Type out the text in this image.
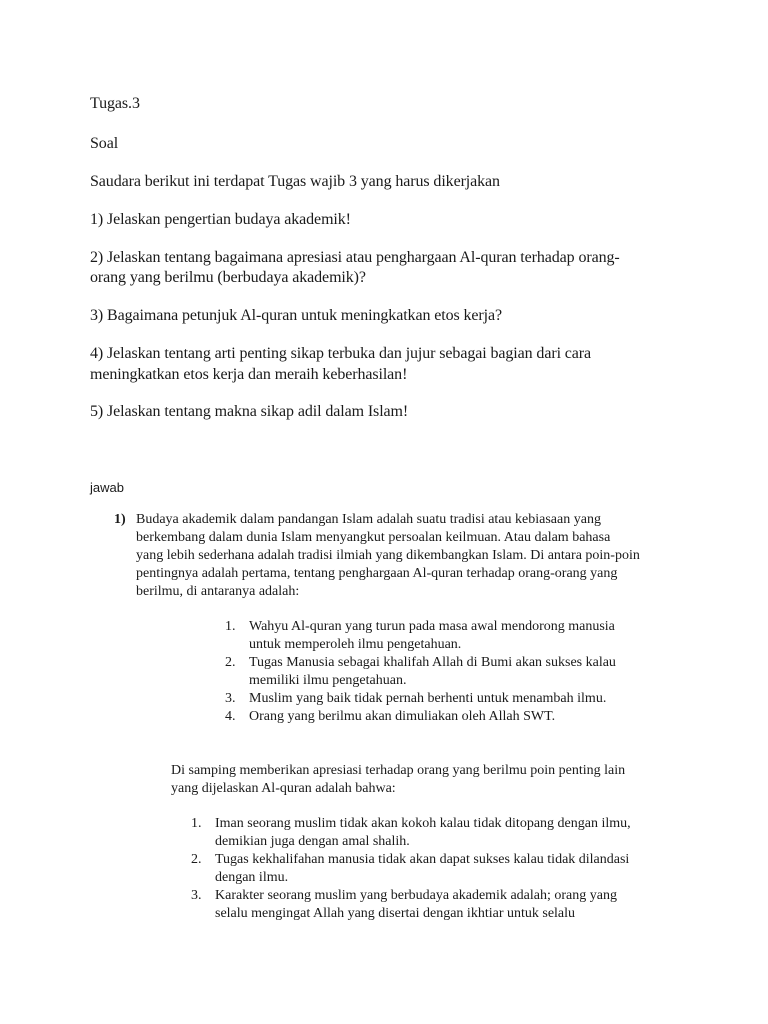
Tugas.3
Soal
Saudara berikut ini terdapat Tugas wajib 3 yang harus dikerjakan
1) Jelaskan pengertian budaya akademik!
2) Jelaskan tentang bagaimana apresiasi atau penghargaan Al-quran terhadap orang-
orang yang berilmu (berbudaya akademik)?
3) Bagaimana petunjuk Al-quran untuk meningkatkan etos kerja?
4) Jelaskan tentang arti penting sikap terbuka dan jujur sebagai bagian dari cara
meningkatkan etos kerja dan meraih keberhasilan!
5) Jelaskan tentang makna sikap adil dalam Islam!
jawab
1) Budaya akademik dalam pandangan Islam adalah suatu tradisi atau kebiasaan yang
berkembang dalam dunia Islam menyangkut persoalan keilmuan. Atau dalam bahasa
yang lebih sederhana adalah tradisi ilmiah yang dikembangkan Islam. Di antara poin-poin
pentingnya adalah pertama, tentang penghargaan Al-quran terhadap orang-orang yang
berilmu, di antaranya adalah:
1. Wahyu Al-quran yang turun pada masa awal mendorong manusia
untuk memperoleh ilmu pengetahuan.
2. Tugas Manusia sebagai khalifah Allah di Bumi akan sukses kalau
memiliki ilmu pengetahuan.
3. Muslim yang baik tidak pernah berhenti untuk menambah ilmu.
4. Orang yang berilmu akan dimuliakan oleh Allah SWT.
Di samping memberikan apresiasi terhadap orang yang berilmu poin penting lain
yang dijelaskan Al-quran adalah bahwa:
1. Iman seorang muslim tidak akan kokoh kalau tidak ditopang dengan ilmu,
demikian juga dengan amal shalih.
2. Tugas kekhalifahan manusia tidak akan dapat sukses kalau tidak dilandasi
dengan ilmu.
3. Karakter seorang muslim yang berbudaya akademik adalah; orang yang
selalu mengingat Allah yang disertai dengan ikhtiar untuk selalu
